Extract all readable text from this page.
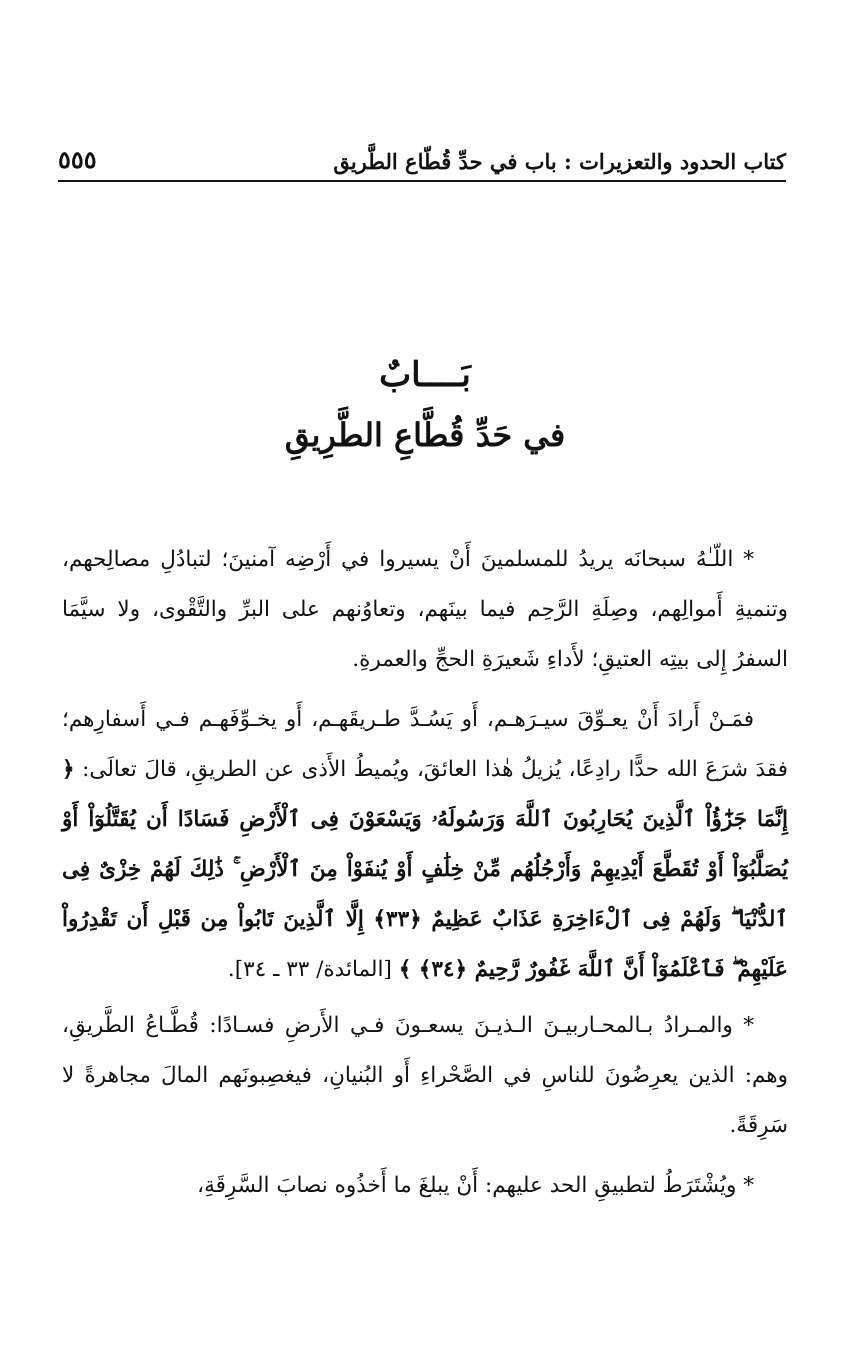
كتاب الحدود والتعزيرات : باب في حدِّ قُطّاع الطَّريق
٥٥٥
بَــــابٌ
في حَدِّ قُطَّاعِ الطَّرِيقِ

* اللّـٰهُ سبحانَه يريدُ للمسلمينَ أَنْ يسيروا في أَرْضِه آمنينَ؛ لتبادُلِ مصالِحهم، وتنميةِ أَموالِهم، وصِلَةِ الرَّحِم فيما بينَهم، وتعاوُنهم على البرِّ والتَّقْوى، ولا سيَّمَا السفرُ إِلى بيتِه العتيقِ؛ لأَداءِ شَعيرَةِ الحجِّ والعمرةِ.

فمَـنْ أَرادَ أَنْ يعـوِّقَ سيـرَهـم، أَو يَسُـدَّ طـريقَهـم، أَو يخـوِّفَهـم فـي أَسفارِهم؛ فقدَ شرَعَ الله حدًّا رادِعًا، يُزيلُ هٰذا العائقَ، ويُميطُ الأَذى عن الطريقِ، قالَ تعالَى: ﴿ إِنَّمَا جَزَٰٓؤُاْ ٱلَّذِينَ يُحَارِبُونَ ٱللَّهَ وَرَسُولَهُۥ وَيَسْعَوْنَ فِى ٱلْأَرْضِ فَسَادًا أَن يُقَتَّلُوٓاْ أَوْ يُصَلَّبُوٓاْ أَوْ تُقَطَّعَ أَيْدِيهِمْ وَأَرْجُلُهُم مِّنْ خِلَٰفٍ أَوْ يُنفَوْاْ مِنَ ٱلْأَرْضِ ۚ ذَٰلِكَ لَهُمْ خِزْىٌ فِى ٱلدُّنْيَا ۖ وَلَهُمْ فِى ٱلْءَاخِرَةِ عَذَابٌ عَظِيمٌ ﴿٣٣﴾ إِلَّا ٱلَّذِينَ تَابُواْ مِن قَبْلِ أَن تَقْدِرُواْ عَلَيْهِمْ ۖ فَٱعْلَمُوٓاْ أَنَّ ٱللَّهَ غَفُورٌ رَّحِيمٌ ﴿٣٤﴾ ﴾ [المائدة/ ٣٣ ـ ٣٤].

* والمـرادُ بـالمحـاربيـنَ الـذيـنَ يسعـونَ فـي الأَرضِ فسـادًا: قُطَّـاعُ الطَّريقِ، وهم: الذين يعرِضُونَ للناسِ في الصَّحْراءِ أَو البُنيانِ، فيغصِبونَهم المالَ مجاهرةً لا سَرِقَةً.

* ويُشْتَرَطُ لتطبيقِ الحد عليهم: أَنْ يبلغَ ما أَخذُوه نصابَ السَّرِقَةِ،
